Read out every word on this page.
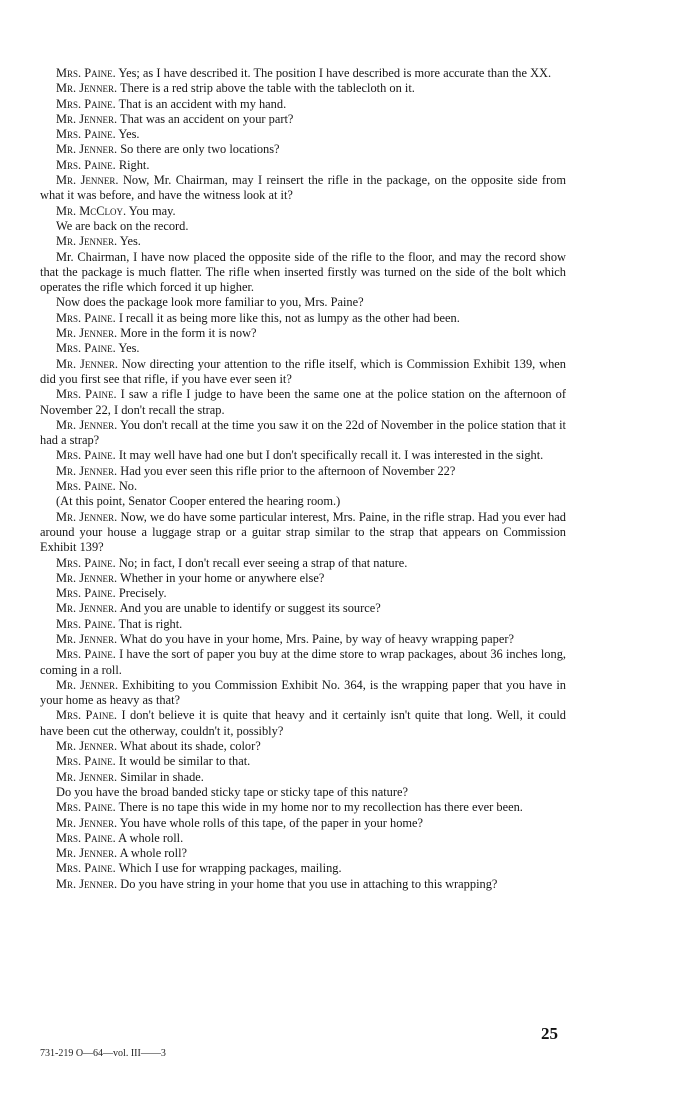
Mrs. Paine. Yes; as I have described it. The position I have described is more accurate than the XX.

Mr. Jenner. There is a red strip above the table with the tablecloth on it.

Mrs. Paine. That is an accident with my hand.

Mr. Jenner. That was an accident on your part?

Mrs. Paine. Yes.

Mr. Jenner. So there are only two locations?

Mrs. Paine. Right.

Mr. Jenner. Now, Mr. Chairman, may I reinsert the rifle in the package, on the opposite side from what it was before, and have the witness look at it?

Mr. McCloy. You may.

We are back on the record.

Mr. Jenner. Yes.

Mr. Chairman, I have now placed the opposite side of the rifle to the floor, and may the record show that the package is much flatter. The rifle when inserted firstly was turned on the side of the bolt which operates the rifle which forced it up higher.

Now does the package look more familiar to you, Mrs. Paine?

Mrs. Paine. I recall it as being more like this, not as lumpy as the other had been.

Mr. Jenner. More in the form it is now?

Mrs. Paine. Yes.

Mr. Jenner. Now directing your attention to the rifle itself, which is Commission Exhibit 139, when did you first see that rifle, if you have ever seen it?

Mrs. Paine. I saw a rifle I judge to have been the same one at the police station on the afternoon of November 22, I don't recall the strap.

Mr. Jenner. You don't recall at the time you saw it on the 22d of November in the police station that it had a strap?

Mrs. Paine. It may well have had one but I don't specifically recall it. I was interested in the sight.

Mr. Jenner. Had you ever seen this rifle prior to the afternoon of November 22?

Mrs. Paine. No.

(At this point, Senator Cooper entered the hearing room.)

Mr. Jenner. Now, we do have some particular interest, Mrs. Paine, in the rifle strap. Had you ever had around your house a luggage strap or a guitar strap similar to the strap that appears on Commission Exhibit 139?

Mrs. Paine. No; in fact, I don't recall ever seeing a strap of that nature.

Mr. Jenner. Whether in your home or anywhere else?

Mrs. Paine. Precisely.

Mr. Jenner. And you are unable to identify or suggest its source?

Mrs. Paine. That is right.

Mr. Jenner. What do you have in your home, Mrs. Paine, by way of heavy wrapping paper?

Mrs. Paine. I have the sort of paper you buy at the dime store to wrap packages, about 36 inches long, coming in a roll.

Mr. Jenner. Exhibiting to you Commission Exhibit No. 364, is the wrapping paper that you have in your home as heavy as that?

Mrs. Paine. I don't believe it is quite that heavy and it certainly isn't quite that long. Well, it could have been cut the otherway, couldn't it, possibly?

Mr. Jenner. What about its shade, color?

Mrs. Paine. It would be similar to that.

Mr. Jenner. Similar in shade.

Do you have the broad banded sticky tape or sticky tape of this nature?

Mrs. Paine. There is no tape this wide in my home nor to my recollection has there ever been.

Mr. Jenner. You have whole rolls of this tape, of the paper in your home?

Mrs. Paine. A whole roll.

Mr. Jenner. A whole roll?

Mrs. Paine. Which I use for wrapping packages, mailing.

Mr. Jenner. Do you have string in your home that you use in attaching to this wrapping?

25
731-219 O—64—vol. III——3
